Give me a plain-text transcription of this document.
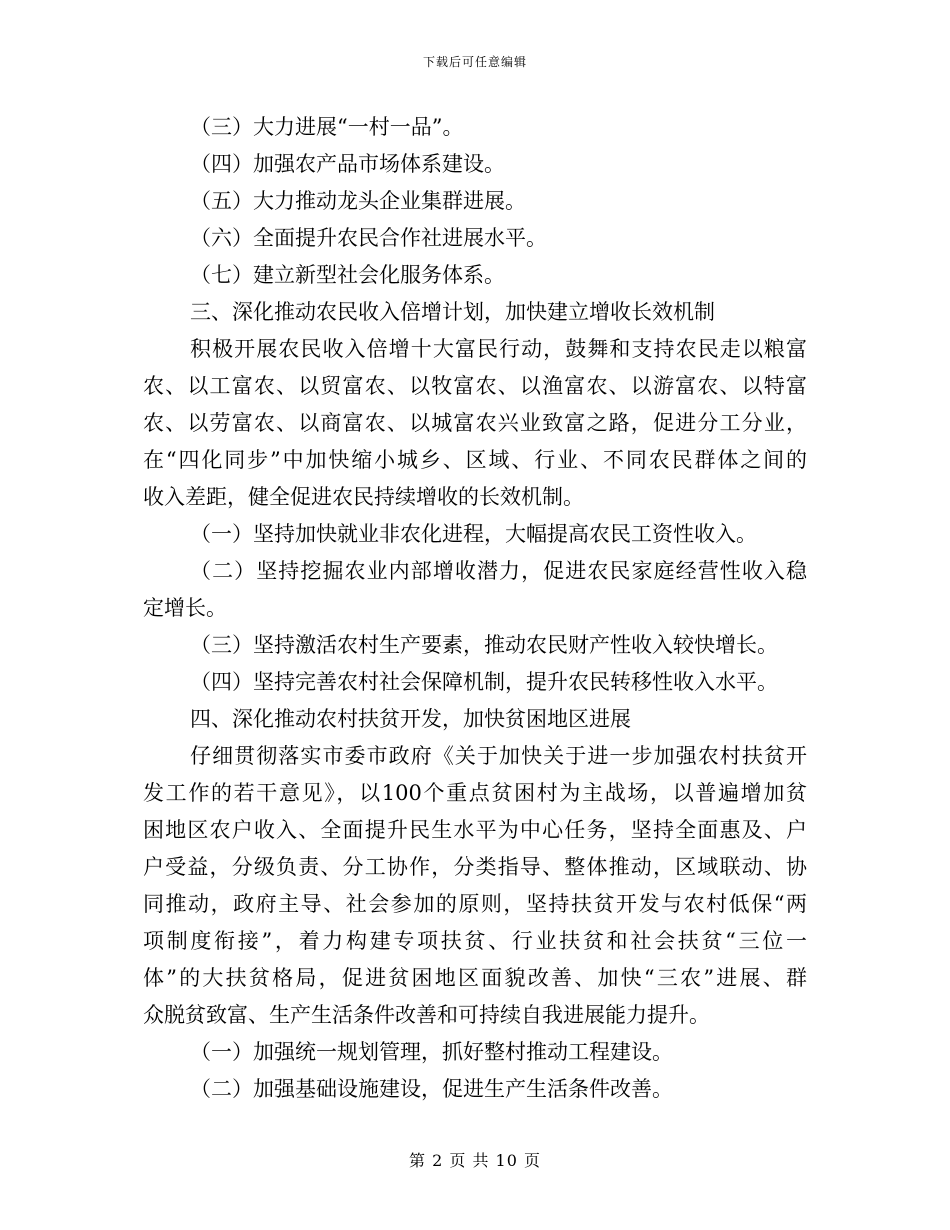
下载后可任意编辑
（三）大力进展“一村一品”。
（四）加强农产品市场体系建设。
（五）大力推动龙头企业集群进展。
（六）全面提升农民合作社进展水平。
（七）建立新型社会化服务体系。
三、深化推动农民收入倍增计划，加快建立增收长效机制
积极开展农民收入倍增十大富民行动，鼓舞和支持农民走以粮富
农、以工富农、以贸富农、以牧富农、以渔富农、以游富农、以特富
农、以劳富农、以商富农、以城富农兴业致富之路，促进分工分业，
在“四化同步”中加快缩小城乡、区域、行业、不同农民群体之间的
收入差距，健全促进农民持续增收的长效机制。
（一）坚持加快就业非农化进程，大幅提高农民工资性收入。
（二）坚持挖掘农业内部增收潜力，促进农民家庭经营性收入稳
定增长。
（三）坚持激活农村生产要素，推动农民财产性收入较快增长。
（四）坚持完善农村社会保障机制，提升农民转移性收入水平。
四、深化推动农村扶贫开发，加快贫困地区进展
仔细贯彻落实市委市政府《关于加快关于进一步加强农村扶贫开
发工作的若干意见》，以100个重点贫困村为主战场，以普遍增加贫
困地区农户收入、全面提升民生水平为中心任务，坚持全面惠及、户
户受益，分级负责、分工协作，分类指导、整体推动，区域联动、协
同推动，政府主导、社会参加的原则，坚持扶贫开发与农村低保“两
项制度衔接”，着力构建专项扶贫、行业扶贫和社会扶贫“三位一
体”的大扶贫格局，促进贫困地区面貌改善、加快“三农”进展、群
众脱贫致富、生产生活条件改善和可持续自我进展能力提升。
（一）加强统一规划管理，抓好整村推动工程建设。
（二）加强基础设施建设，促进生产生活条件改善。
第 2 页 共 10 页
